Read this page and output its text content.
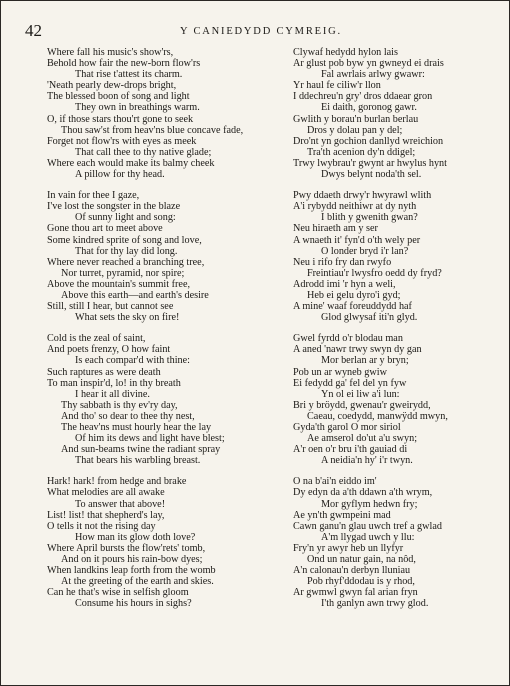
42	Y CANIEDYDD CYMREIG.
Where fall his music's show'rs,
Behold how fair the new-born flow'rs
That rise t'attest its charm.
'Neath pearly dew-drops bright,
The blessed boon of song and light
They own in breathings warm.
O, if those stars thou'rt gone to seek
Thou saw'st from heav'ns blue concave fade,
Forget not flow'rs with eyes as meek
That call thee to thy native glade;
Where each would make its balmy cheek
A pillow for thy head.
In vain for thee I gaze,
I've lost the songster in the blaze
Of sunny light and song:
Gone thou art to meet above
Some kindred sprite of song and love,
That for thy lay did long.
Where never reached a branching tree,
Nor turret, pyramid, nor spire;
Above the mountain's summit free,
Above this earth—and earth's desire
Still, still I hear, but cannot see
What sets the sky on fire!
Cold is the zeal of saint,
And poets frenzy, O how faint
Is each compar'd with thine:
Such raptures as were death
To man inspir'd, lo! in thy breath
I hear it all divine.
Thy sabbath is thy ev'ry day,
And tho' so dear to thee thy nest,
The heav'ns must hourly hear the lay
Of him its dews and light have blest;
And sun-beams twine the radiant spray
That bears his warbling breast.
Hark! hark! from hedge and brake
What melodies are all awake
To answer that above!
List! list! that shepherd's lay,
O tells it not the rising day
How man its glow doth love?
Where April bursts the flow'rets' tomb,
And on it pours his rain-bow dyes;
When landkins leap forth from the womb
At the greeting of the earth and skies.
Can he that's wise in selfish gloom
Consume his hours in sighs?
Clywaf hedydd hylon lais
Ar glust pob byw yn gwneyd ei drais
Fal awrlais arlwy gwawr:
Yr haul fe ciliw'r llon
I ddechreu'n gry' dros ddaear gron
Ei daith, goronog gawr.
Gwlith y borau'n burlan berlau
Dros y dolau pan y del;
Dro'nt yn gochion danllyd wreichion
Tra'th acenion dy'n ddigel;
Trwy lwybrau'r gwynt ar hwylus hynt
Dwys belynt noda'th sel.
Pwy ddaeth drwy'r hwyrawl wlith
A'i rybydd neithiwr at dy nyth
I blith y gwenith gwan?
Neu hiraeth am y ser
A wnaeth it' fyn'd o'th wely per
O londer bryd i'r lan?
Neu i rifo fry dan rwyfo
Freintiau'r lwysfro oedd dy fryd?
Adrodd imi 'r hyn a weli,
Heb ei gelu dyro'i gyd;
A mine' waaf foreuddydd haf
Glod glwysaf iti'n glyd.
Gwel fyrdd o'r blodau man
A aned 'nawr trwy swyn dy gan
Mor berlan ar y bryn;
Pob un ar wyneb gwiw
Ei fedydd ga' fel del yn fyw
Yn ol ei liw a'i lun:
Bri y bröydd, gwenau'r gweirydd,
Caeau, coedydd, manwÿdd mwyn,
Gyda'th garol O mor siriol
Ae amserol do'ut a'u swyn;
A'r oen o'r bru i'th gauiad di
A neidia'n hy' i'r twyn.
O na b'ai'n eiddo im'
Dy edyn da a'th ddawn a'th wrym,
Mor gyflym hedwn fry;
Ae yn'th gwmpeini mad
Cawn ganu'n glau uwch tref a gwlad
A'm llygad uwch y llu:
Fry'n yr awyr heb un llyfyr
Ond un natur gain, na nôd,
A'n calonau'n derbyn lluniau
Pob rhyf'ddodau is y rhod,
Ar gwmwl gwyn fal arian fryn
I'th ganlyn awn trwy glod.
